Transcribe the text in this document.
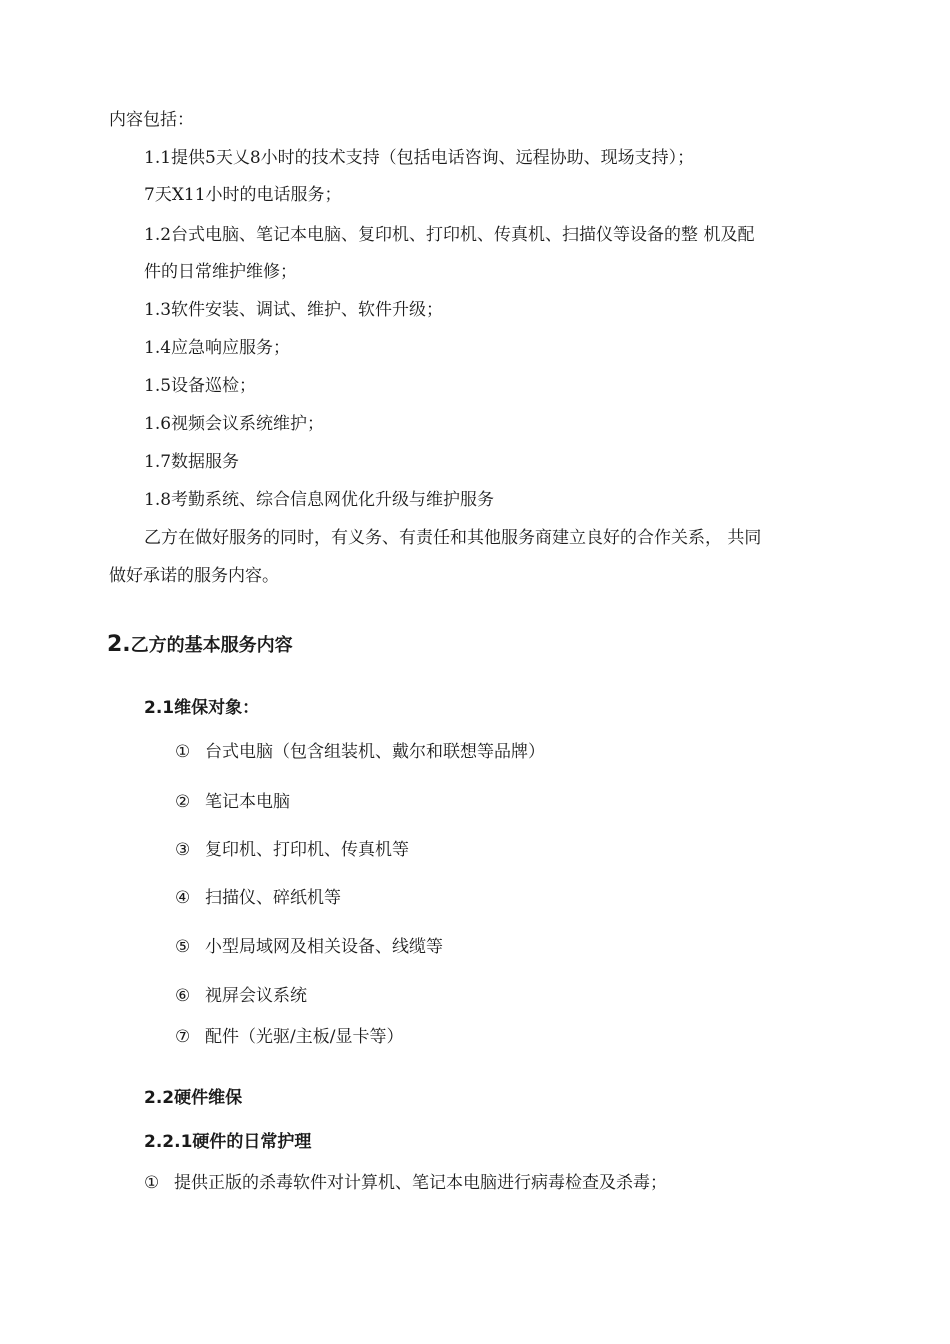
内容包括：
1.1提供5天乂8小时的技术支持（包括电话咨询、远程协助、现场支持）；
7天X11小时的电话服务；
1.2台式电脑、笔记本电脑、复印机、打印机、传真机、扫描仪等设备的整 机及配
件的日常维护维修；
1.3软件安装、调试、维护、软件升级；
1.4应急响应服务；
1.5设备巡检；
1.6视频会议系统维护；
1.7数据服务
1.8考勤系统、综合信息网优化升级与维护服务
乙方在做好服务的同时，有义务、有责任和其他服务商建立良好的合作关系， 共同
做好承诺的服务内容。
2.乙方的基本服务内容
2.1维保对象：
① 台式电脑（包含组装机、戴尔和联想等品牌）
② 笔记本电脑
③ 复印机、打印机、传真机等
④ 扫描仪、碎纸机等
⑤ 小型局域网及相关设备、线缆等
⑥ 视屏会议系统
⑦ 配件（光驱/主板/显卡等）
2.2硬件维保
2.2.1硬件的日常护理
① 提供正版的杀毒软件对计算机、笔记本电脑进行病毒检查及杀毒；
